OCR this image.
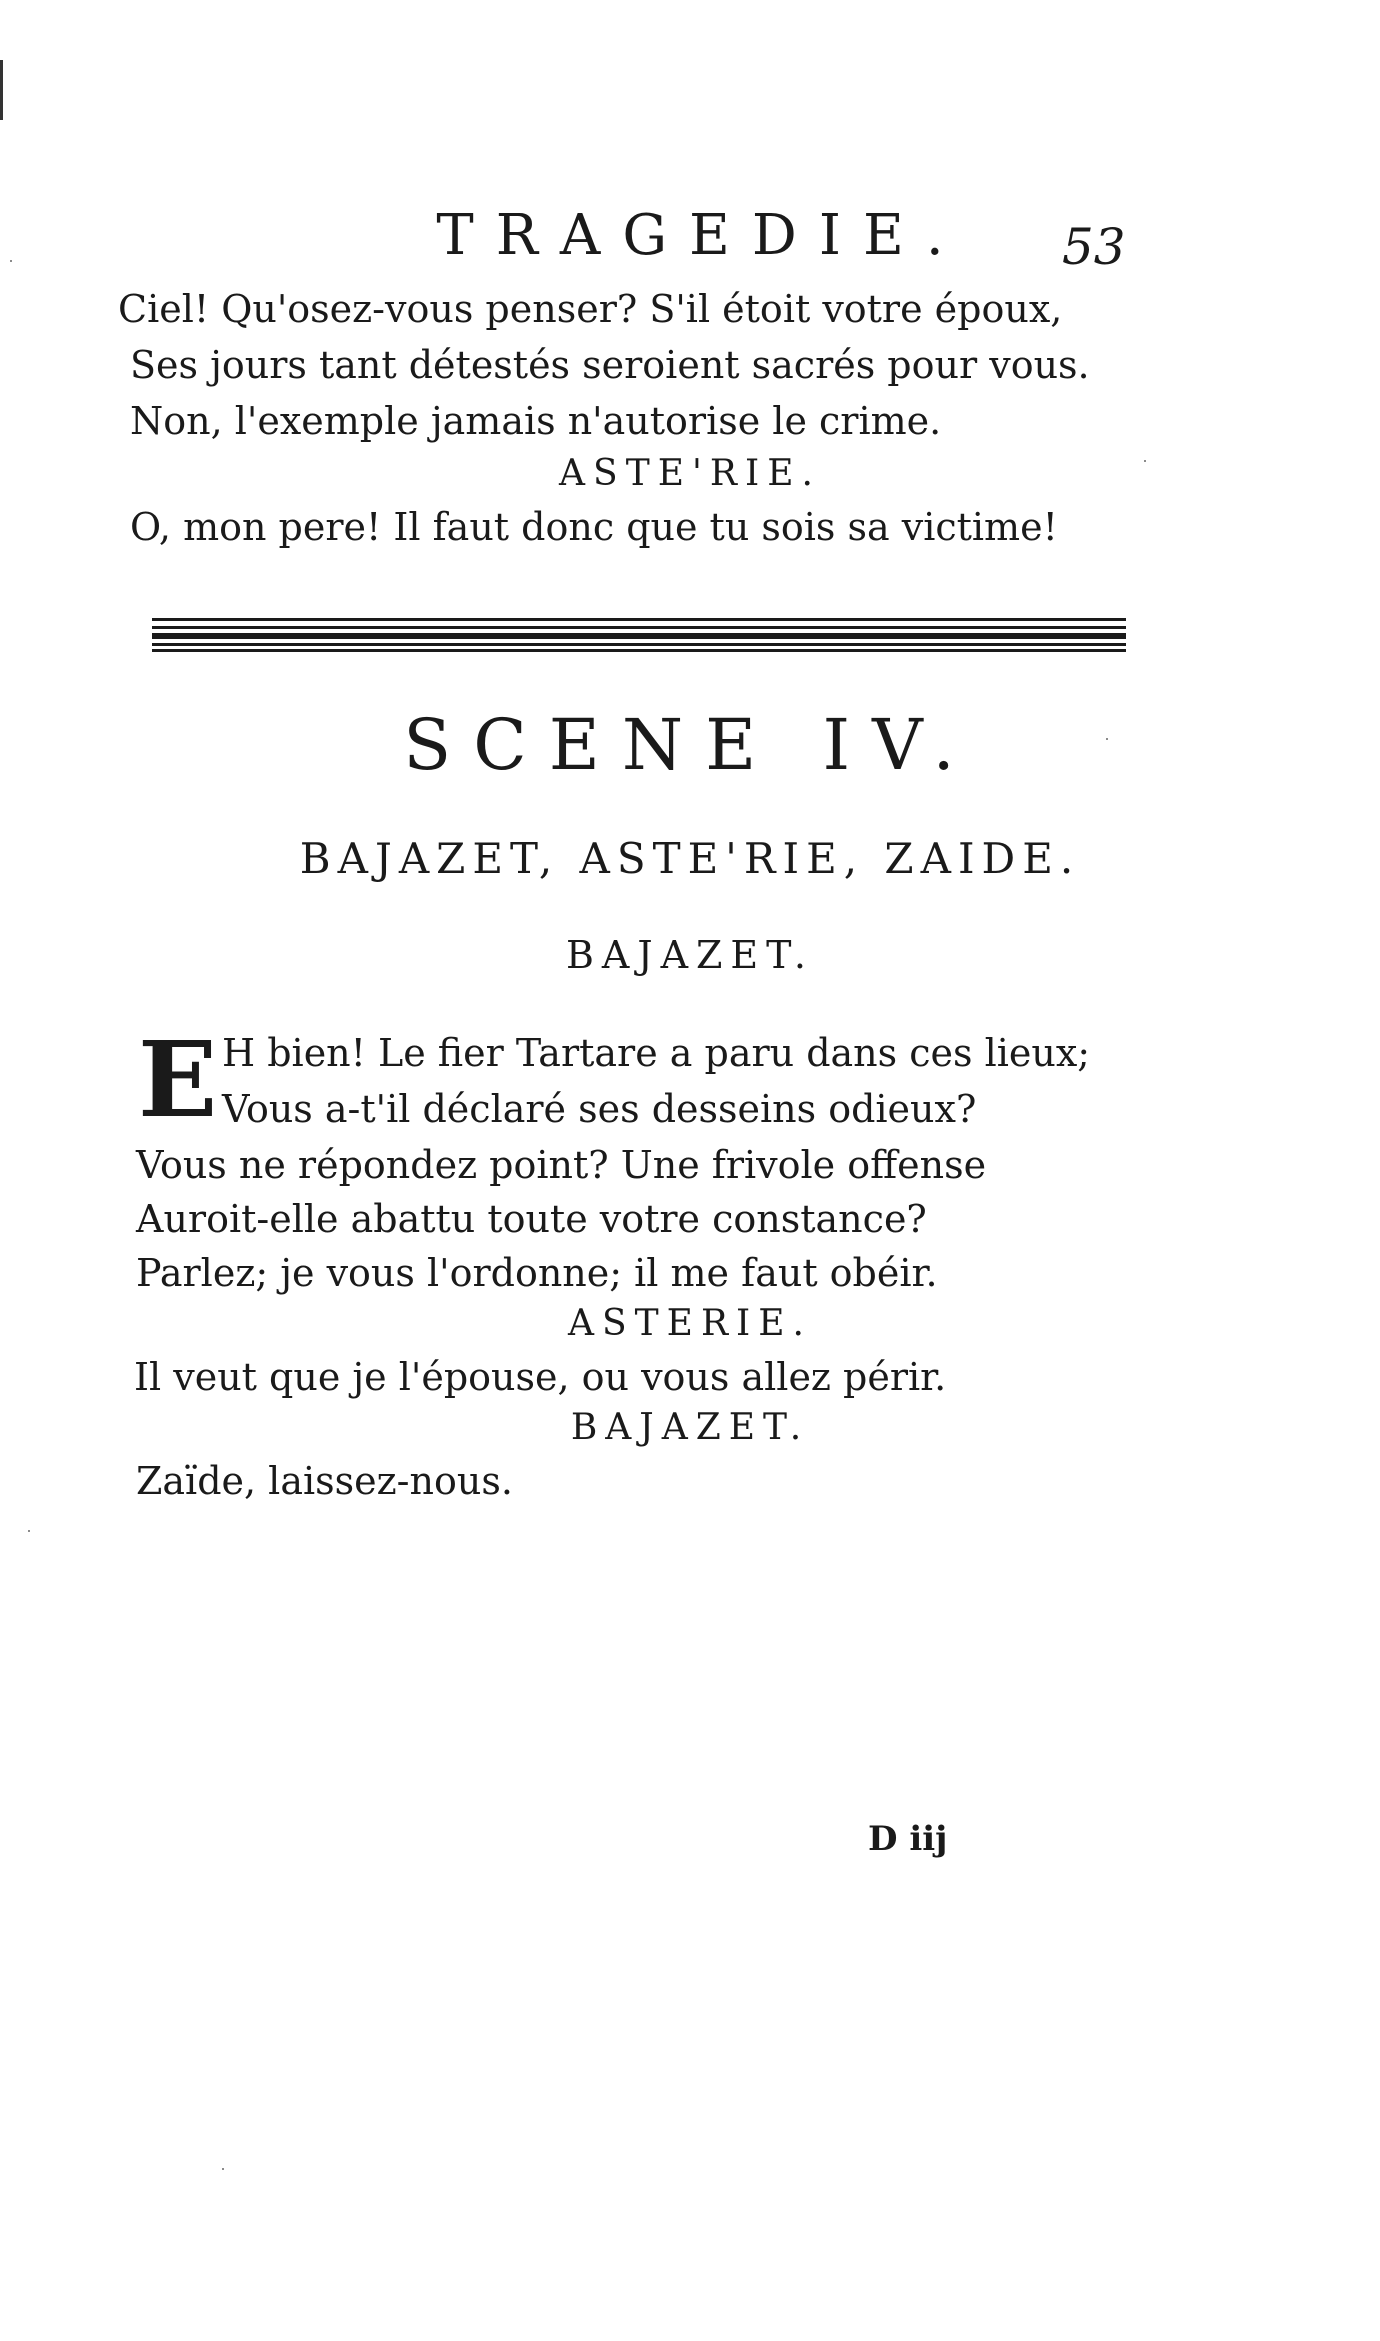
TRAGEDIE.	53
Ciel! Qu'osez-vous penser? S'il étoit votre époux,
Ses jours tant détestés seroient sacrés pour vous.
Non, l'exemple jamais n'autorise le crime.
ASTE'RIE.
O, mon pere! Il faut donc que tu sois sa victime!
SCENE IV.
BAJAZET, ASTE'RIE, ZAIDE.
BAJAZET.
E H bien! Le fier Tartare a paru dans ces lieux;
Vous a-t'il déclaré ses desseins odieux?
Vous ne répondez point? Une frivole offense
Auroit-elle abattu toute votre constance?
Parlez; je vous l'ordonne; il me faut obéir.
ASTERIE.
Il veut que je l'épouse, ou vous allez périr.
BAJAZET.
Zaïde, laissez-nous.
D iij
